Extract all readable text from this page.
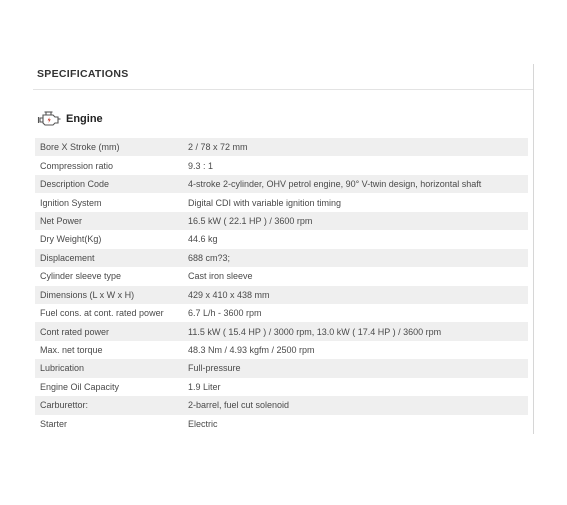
SPECIFICATIONS
Engine
Bore X Stroke (mm)	2 / 78 x 72 mm
Compression ratio	9.3 : 1
Description Code	4-stroke 2-cylinder, OHV petrol engine, 90° V-twin design, horizontal shaft
Ignition System	Digital CDI with variable ignition timing
Net Power	16.5 kW ( 22.1 HP ) / 3600 rpm
Dry Weight(Kg)	44.6 kg
Displacement	688 cm?3;
Cylinder sleeve type	Cast iron sleeve
Dimensions (L x W x H)	429 x 410 x 438 mm
Fuel cons. at cont. rated power	6.7 L/h - 3600 rpm
Cont rated power	11.5 kW ( 15.4 HP ) / 3000 rpm, 13.0 kW ( 17.4 HP ) / 3600 rpm
Max. net torque	48.3 Nm / 4.93 kgfm / 2500 rpm
Lubrication	Full-pressure
Engine Oil Capacity	1.9 Liter
Carburettor:	2-barrel, fuel cut solenoid
Starter	Electric
